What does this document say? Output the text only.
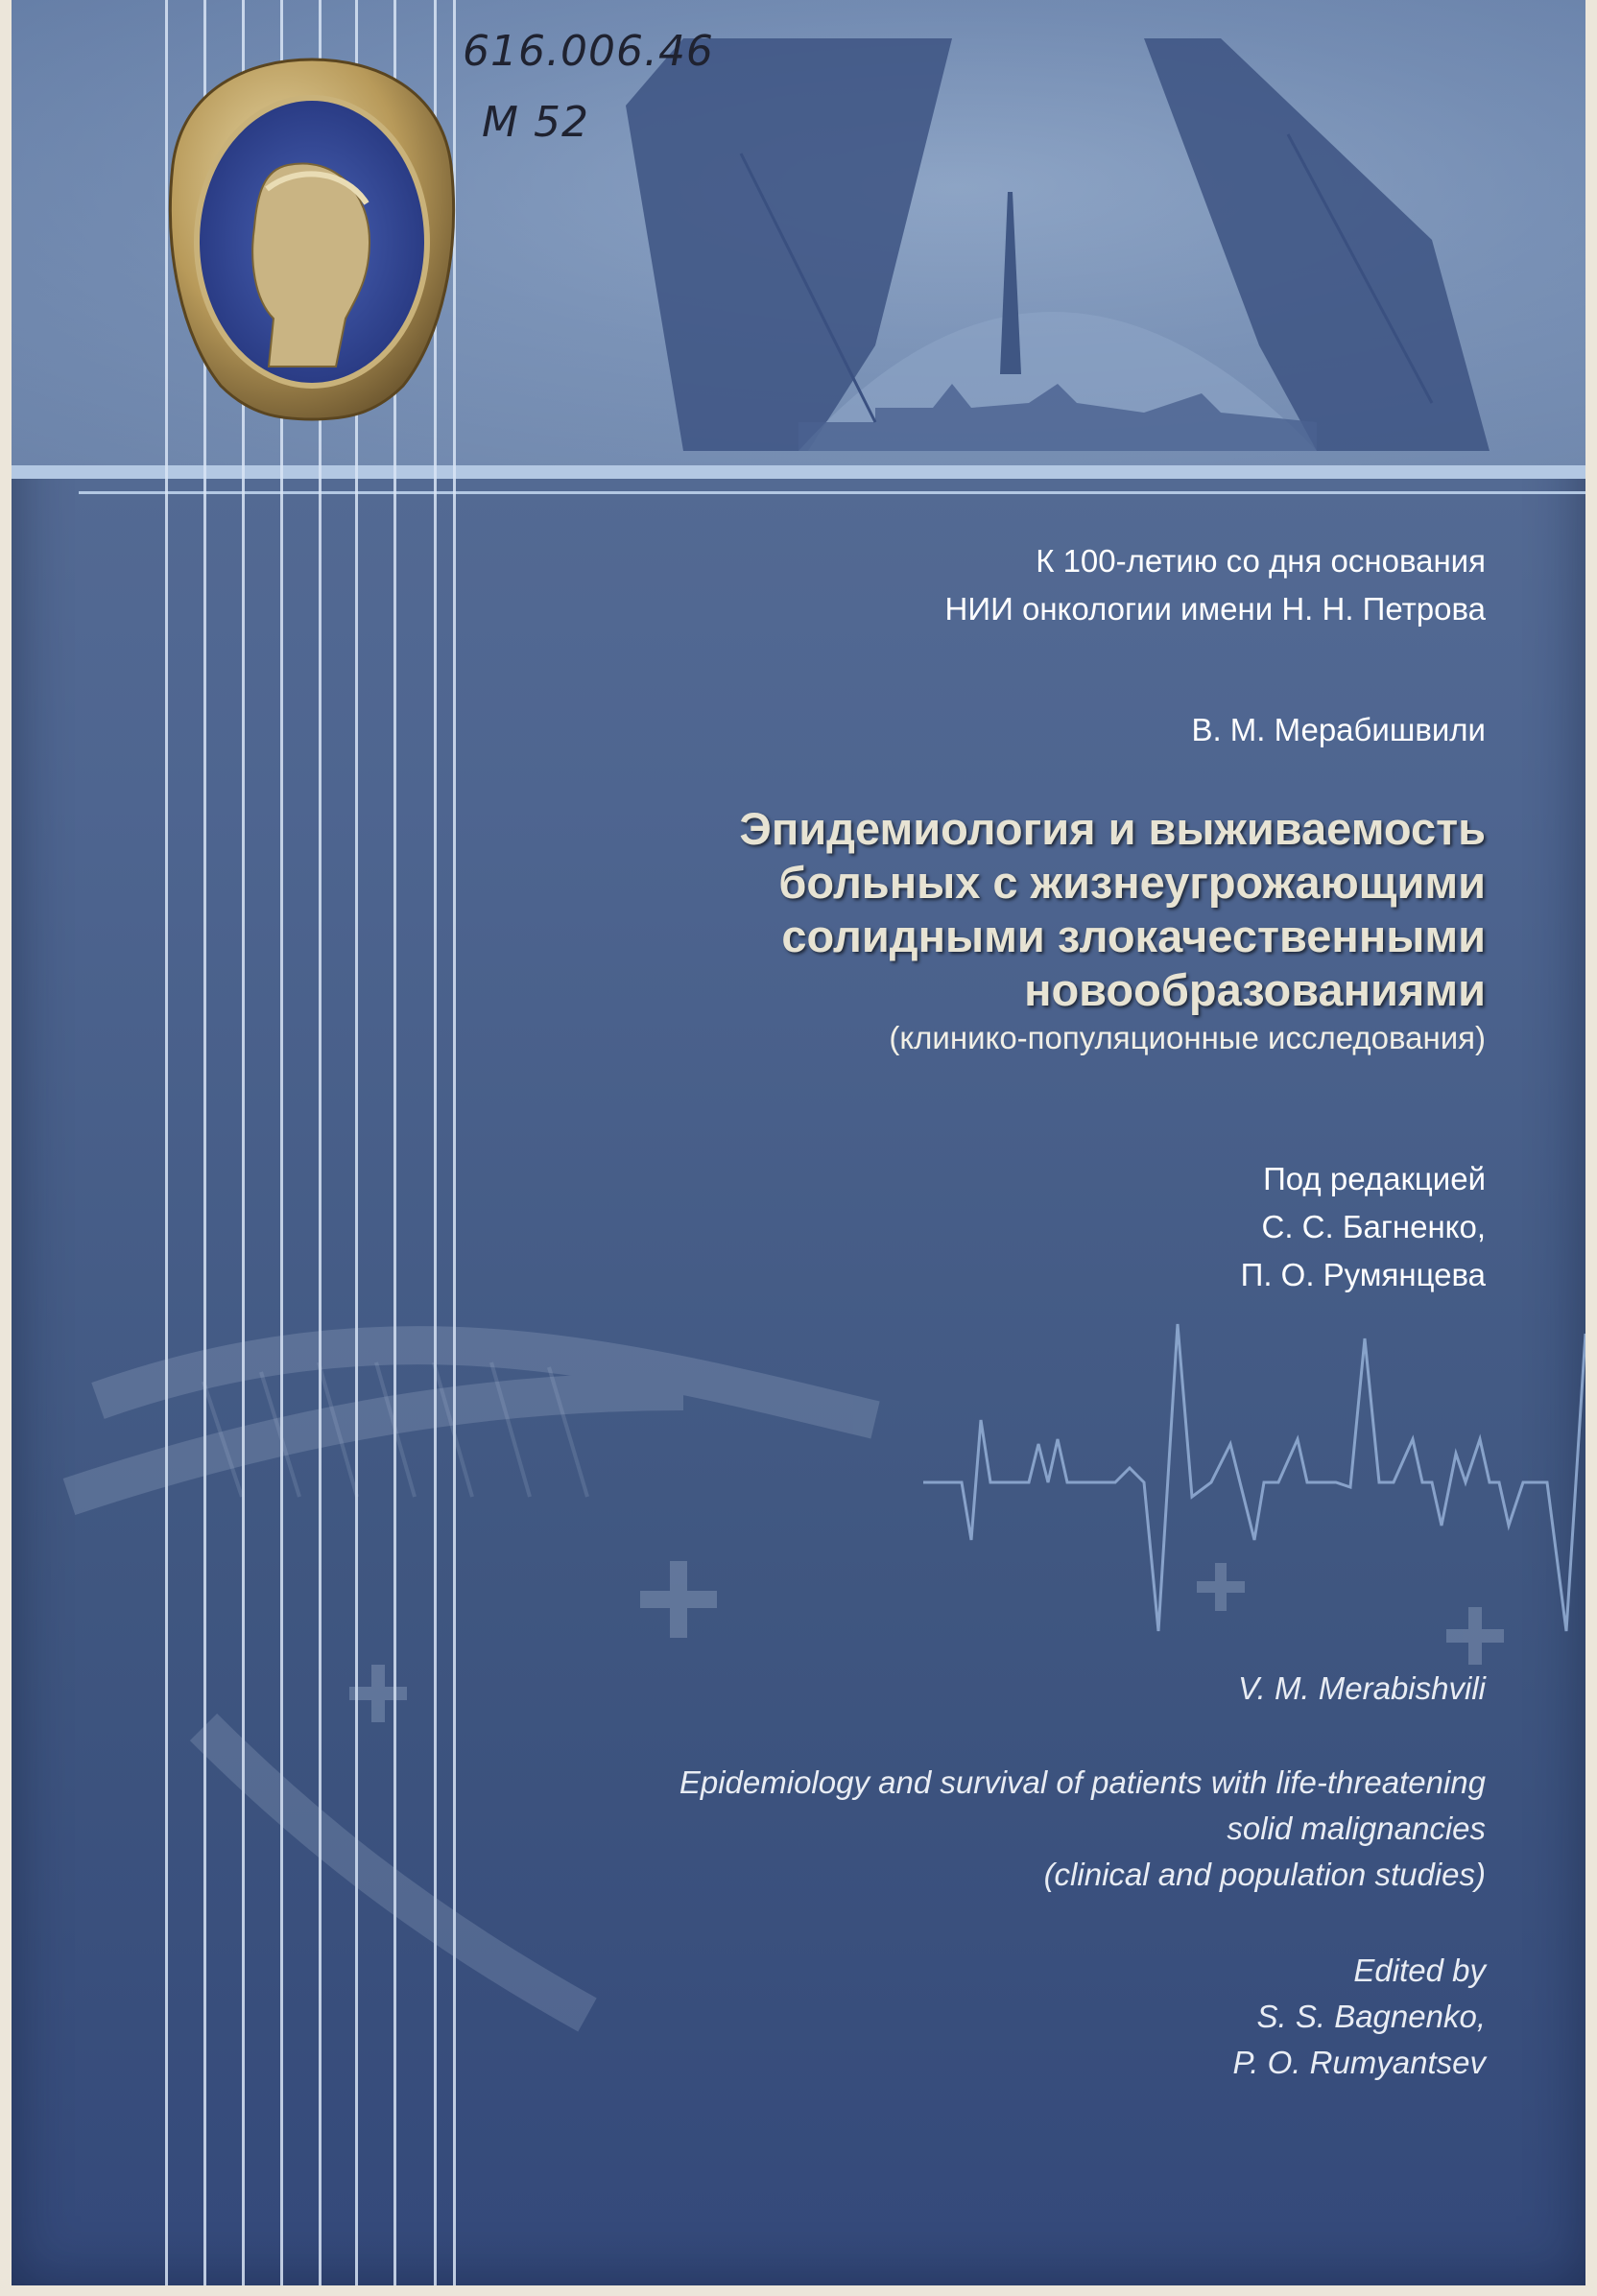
616.006.46
М 52
К 100-летию со дня основания
НИИ онкологии имени Н. Н. Петрова
В. М. Мерабишвили
Эпидемиология и выживаемость
больных с жизнеугрожающими
солидными злокачественными
новообразованиями
(клинико-популяционные исследования)
Под редакцией
С. С. Багненко,
П. О. Румянцева
V. M. Merabishvili
Epidemiology and survival of patients with life-threatening
solid malignancies
(clinical and population studies)
Edited by
S. S. Bagnenko,
P. O. Rumyantsev
